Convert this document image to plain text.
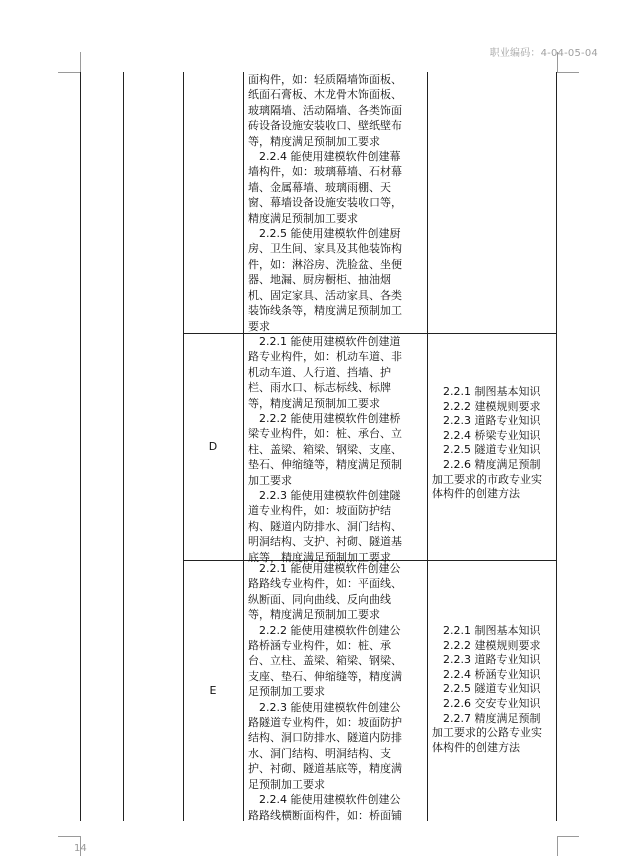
职业编码：4-04-05-04
面构件，如：轻质隔墙饰面板、
纸面石膏板、木龙骨木饰面板、
玻璃隔墙、活动隔墙、各类饰面
砖设备设施安装收口、壁纸壁布
等，精度满足预制加工要求
　2.2.4 能使用建模软件创建幕
墙构件，如：玻璃幕墙、石材幕
墙、金属幕墙、玻璃雨棚、天
窗、幕墙设备设施安装收口等，
精度满足预制加工要求
　2.2.5 能使用建模软件创建厨
房、卫生间、家具及其他装饰构
件，如：淋浴房、洗脸盆、坐便
器、地漏、厨房橱柜、抽油烟
机、固定家具、活动家具、各类
装饰线条等，精度满足预制加工
要求
D
　2.2.1 能使用建模软件创建道
路专业构件，如：机动车道、非
机动车道、人行道、挡墙、护
栏、雨水口、标志标线、标牌
等，精度满足预制加工要求
　2.2.2 能使用建模软件创建桥
梁专业构件，如：桩、承台、立
柱、盖梁、箱梁、钢梁、支座、
垫石、伸缩缝等，精度满足预制
加工要求
　2.2.3 能使用建模软件创建隧
道专业构件，如：坡面防护结
构、隧道内防排水、洞门结构、
明洞结构、支护、衬砌、隧道基
底等，精度满足预制加工要求
　2.2.1 制图基本知识
　2.2.2 建模规则要求
　2.2.3 道路专业知识
　2.2.4 桥梁专业知识
　2.2.5 隧道专业知识
　2.2.6 精度满足预制
加工要求的市政专业实
体构件的创建方法
E
　2.2.1 能使用建模软件创建公
路路线专业构件，如：平面线、
纵断面、同向曲线、反向曲线
等，精度满足预制加工要求
　2.2.2 能使用建模软件创建公
路桥涵专业构件，如：桩、承
台、立柱、盖梁、箱梁、钢梁、
支座、垫石、伸缩缝等，精度满
足预制加工要求
　2.2.3 能使用建模软件创建公
路隧道专业构件，如：坡面防护
结构、洞口防排水、隧道内防排
水、洞门结构、明洞结构、支
护、衬砌、隧道基底等，精度满
足预制加工要求
　2.2.4 能使用建模软件创建公
路路线横断面构件，如：桥面铺
　2.2.1 制图基本知识
　2.2.2 建模规则要求
　2.2.3 道路专业知识
　2.2.4 桥涵专业知识
　2.2.5 隧道专业知识
　2.2.6 交安专业知识
　2.2.7 精度满足预制
加工要求的公路专业实
体构件的创建方法
14
